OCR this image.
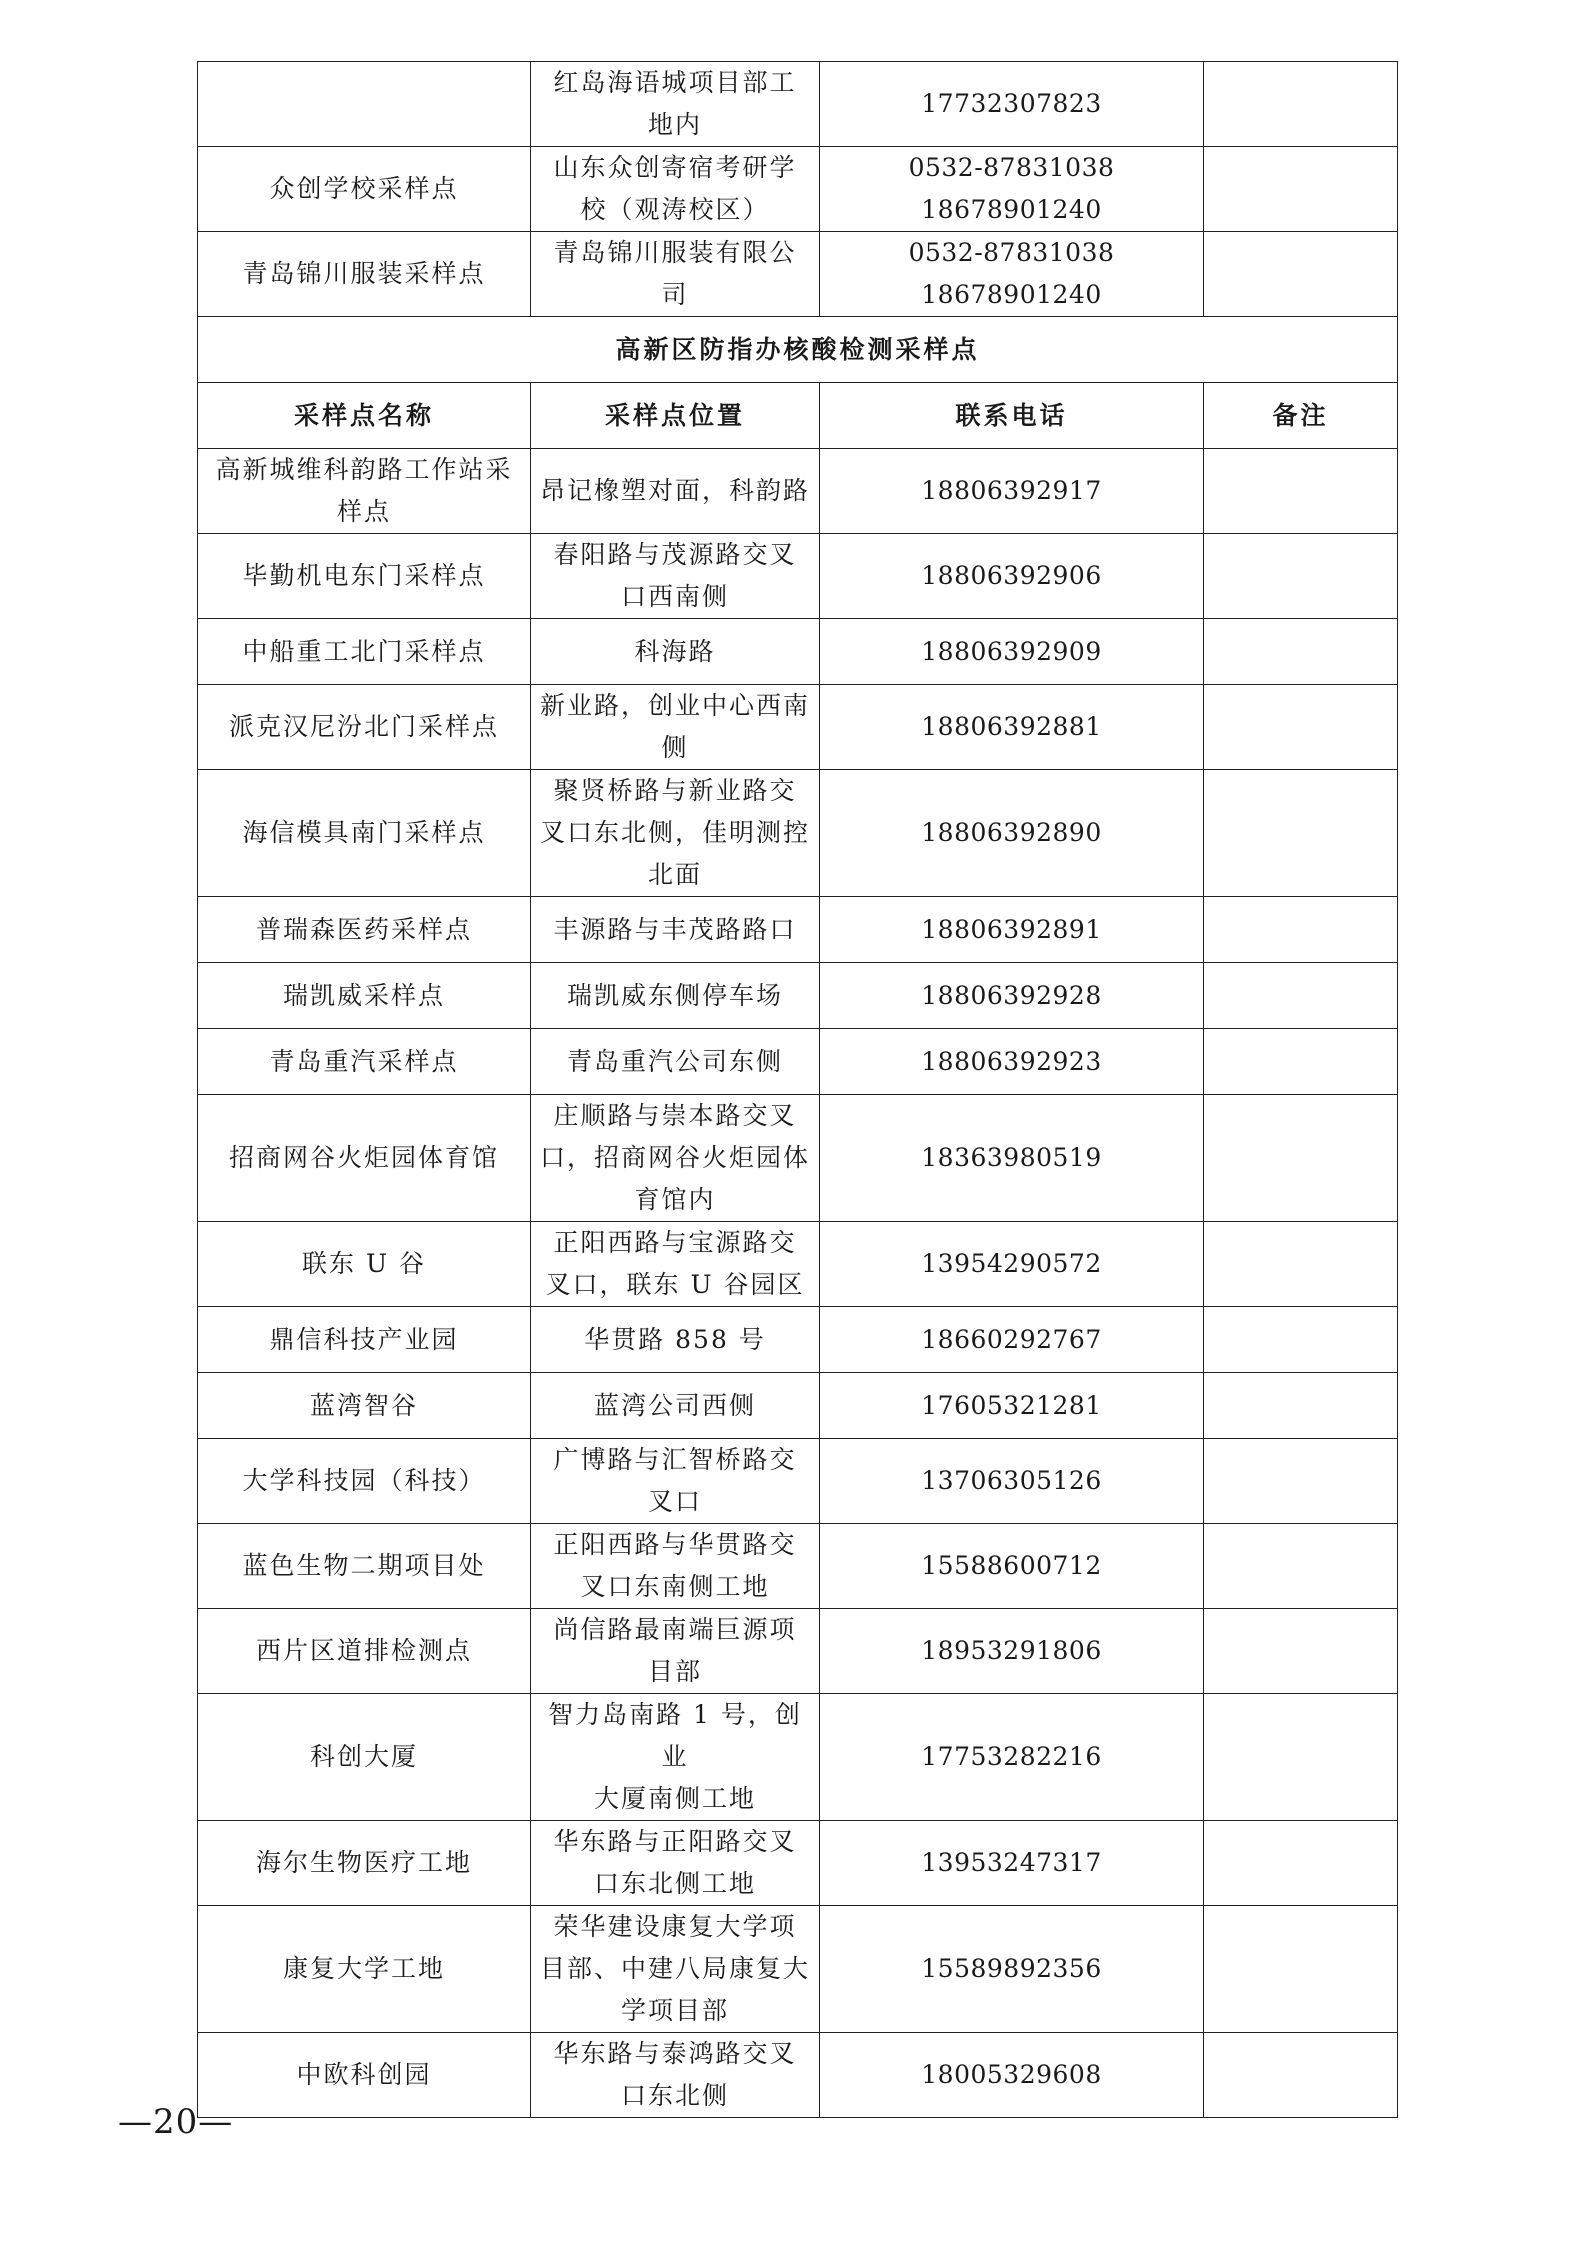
	红岛海语城项目部工
地内	17732307823	

众创学校采样点	山东众创寄宿考研学
校（观涛校区）	0532-87831038
18678901240	

青岛锦川服装采样点	青岛锦川服装有限公
司	0532-87831038
18678901240	

高新区防指办核酸检测采样点			
采样点名称	采样点位置	联系电话	备注

高新城维科韵路工作站采
样点	昂记橡塑对面，科韵路	18806392917	

毕勤机电东门采样点	春阳路与茂源路交叉
口西南侧	18806392906	

中船重工北门采样点	科海路	18806392909	

派克汉尼汾北门采样点	新业路，创业中心西南
侧	18806392881	

海信模具南门采样点	聚贤桥路与新业路交
叉口东北侧，佳明测控
北面	18806392890	

普瑞森医药采样点	丰源路与丰茂路路口	18806392891	

瑞凯威采样点	瑞凯威东侧停车场	18806392928	

青岛重汽采样点	青岛重汽公司东侧	18806392923	

招商网谷火炬园体育馆	庄顺路与崇本路交叉
口，招商网谷火炬园体
育馆内	18363980519	

联东 U 谷	正阳西路与宝源路交
叉口，联东 U 谷园区	13954290572	

鼎信科技产业园	华贯路 858 号	18660292767	

蓝湾智谷	蓝湾公司西侧	17605321281	

大学科技园（科技）	广博路与汇智桥路交
叉口	13706305126	

蓝色生物二期项目处	正阳西路与华贯路交
叉口东南侧工地	15588600712	

西片区道排检测点	尚信路最南端巨源项
目部	18953291806	

科创大厦	智力岛南路 1 号，创业
大厦南侧工地	17753282216	

海尔生物医疗工地	华东路与正阳路交叉
口东北侧工地	13953247317	

康复大学工地	荣华建设康复大学项
目部、中建八局康复大
学项目部	15589892356	

中欧科创园	华东路与泰鸿路交叉
口东北侧	18005329608	
—20—
